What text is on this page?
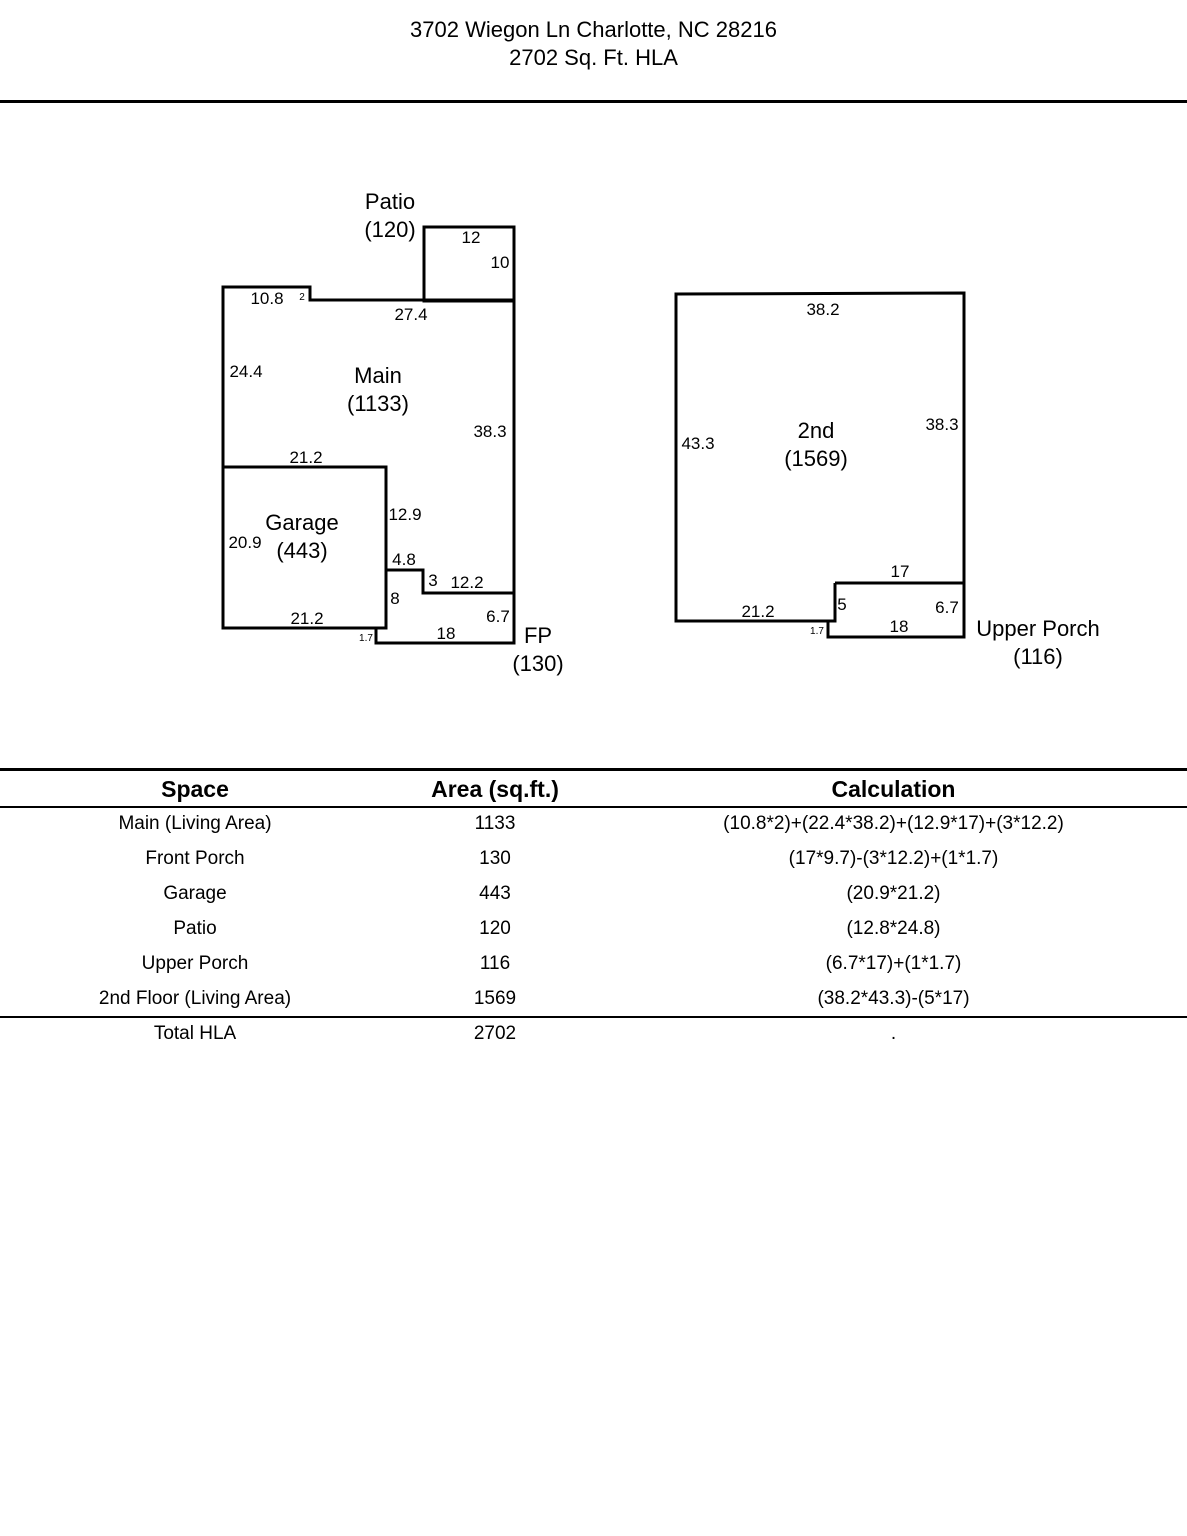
3702 Wiegon Ln Charlotte, NC 28216
2702 Sq. Ft. HLA
Patio
(120)
Main
(1133)
Garage
(443)
FP
(130)
2nd
(1569)
Upper Porch
(116)
12
10
10.8 2
27.4
24.4
38.3
21.2
20.9
21.2
12.9
4.8
3 12.2
8
1.7	18
6.7
38.2
43.3
38.3
21.2
17
5
1.7	18
6.7
Space	Area (sq.ft.)	Calculation
Main (Living Area)	1133	(10.8*2)+(22.4*38.2)+(12.9*17)+(3*12.2)
Front Porch	130	(17*9.7)-(3*12.2)+(1*1.7)
Garage	443	(20.9*21.2)
Patio	120	(12.8*24.8)
Upper Porch	116	(6.7*17)+(1*1.7)
2nd Floor (Living Area)	1569	(38.2*43.3)-(5*17)
Total HLA	2702	.
